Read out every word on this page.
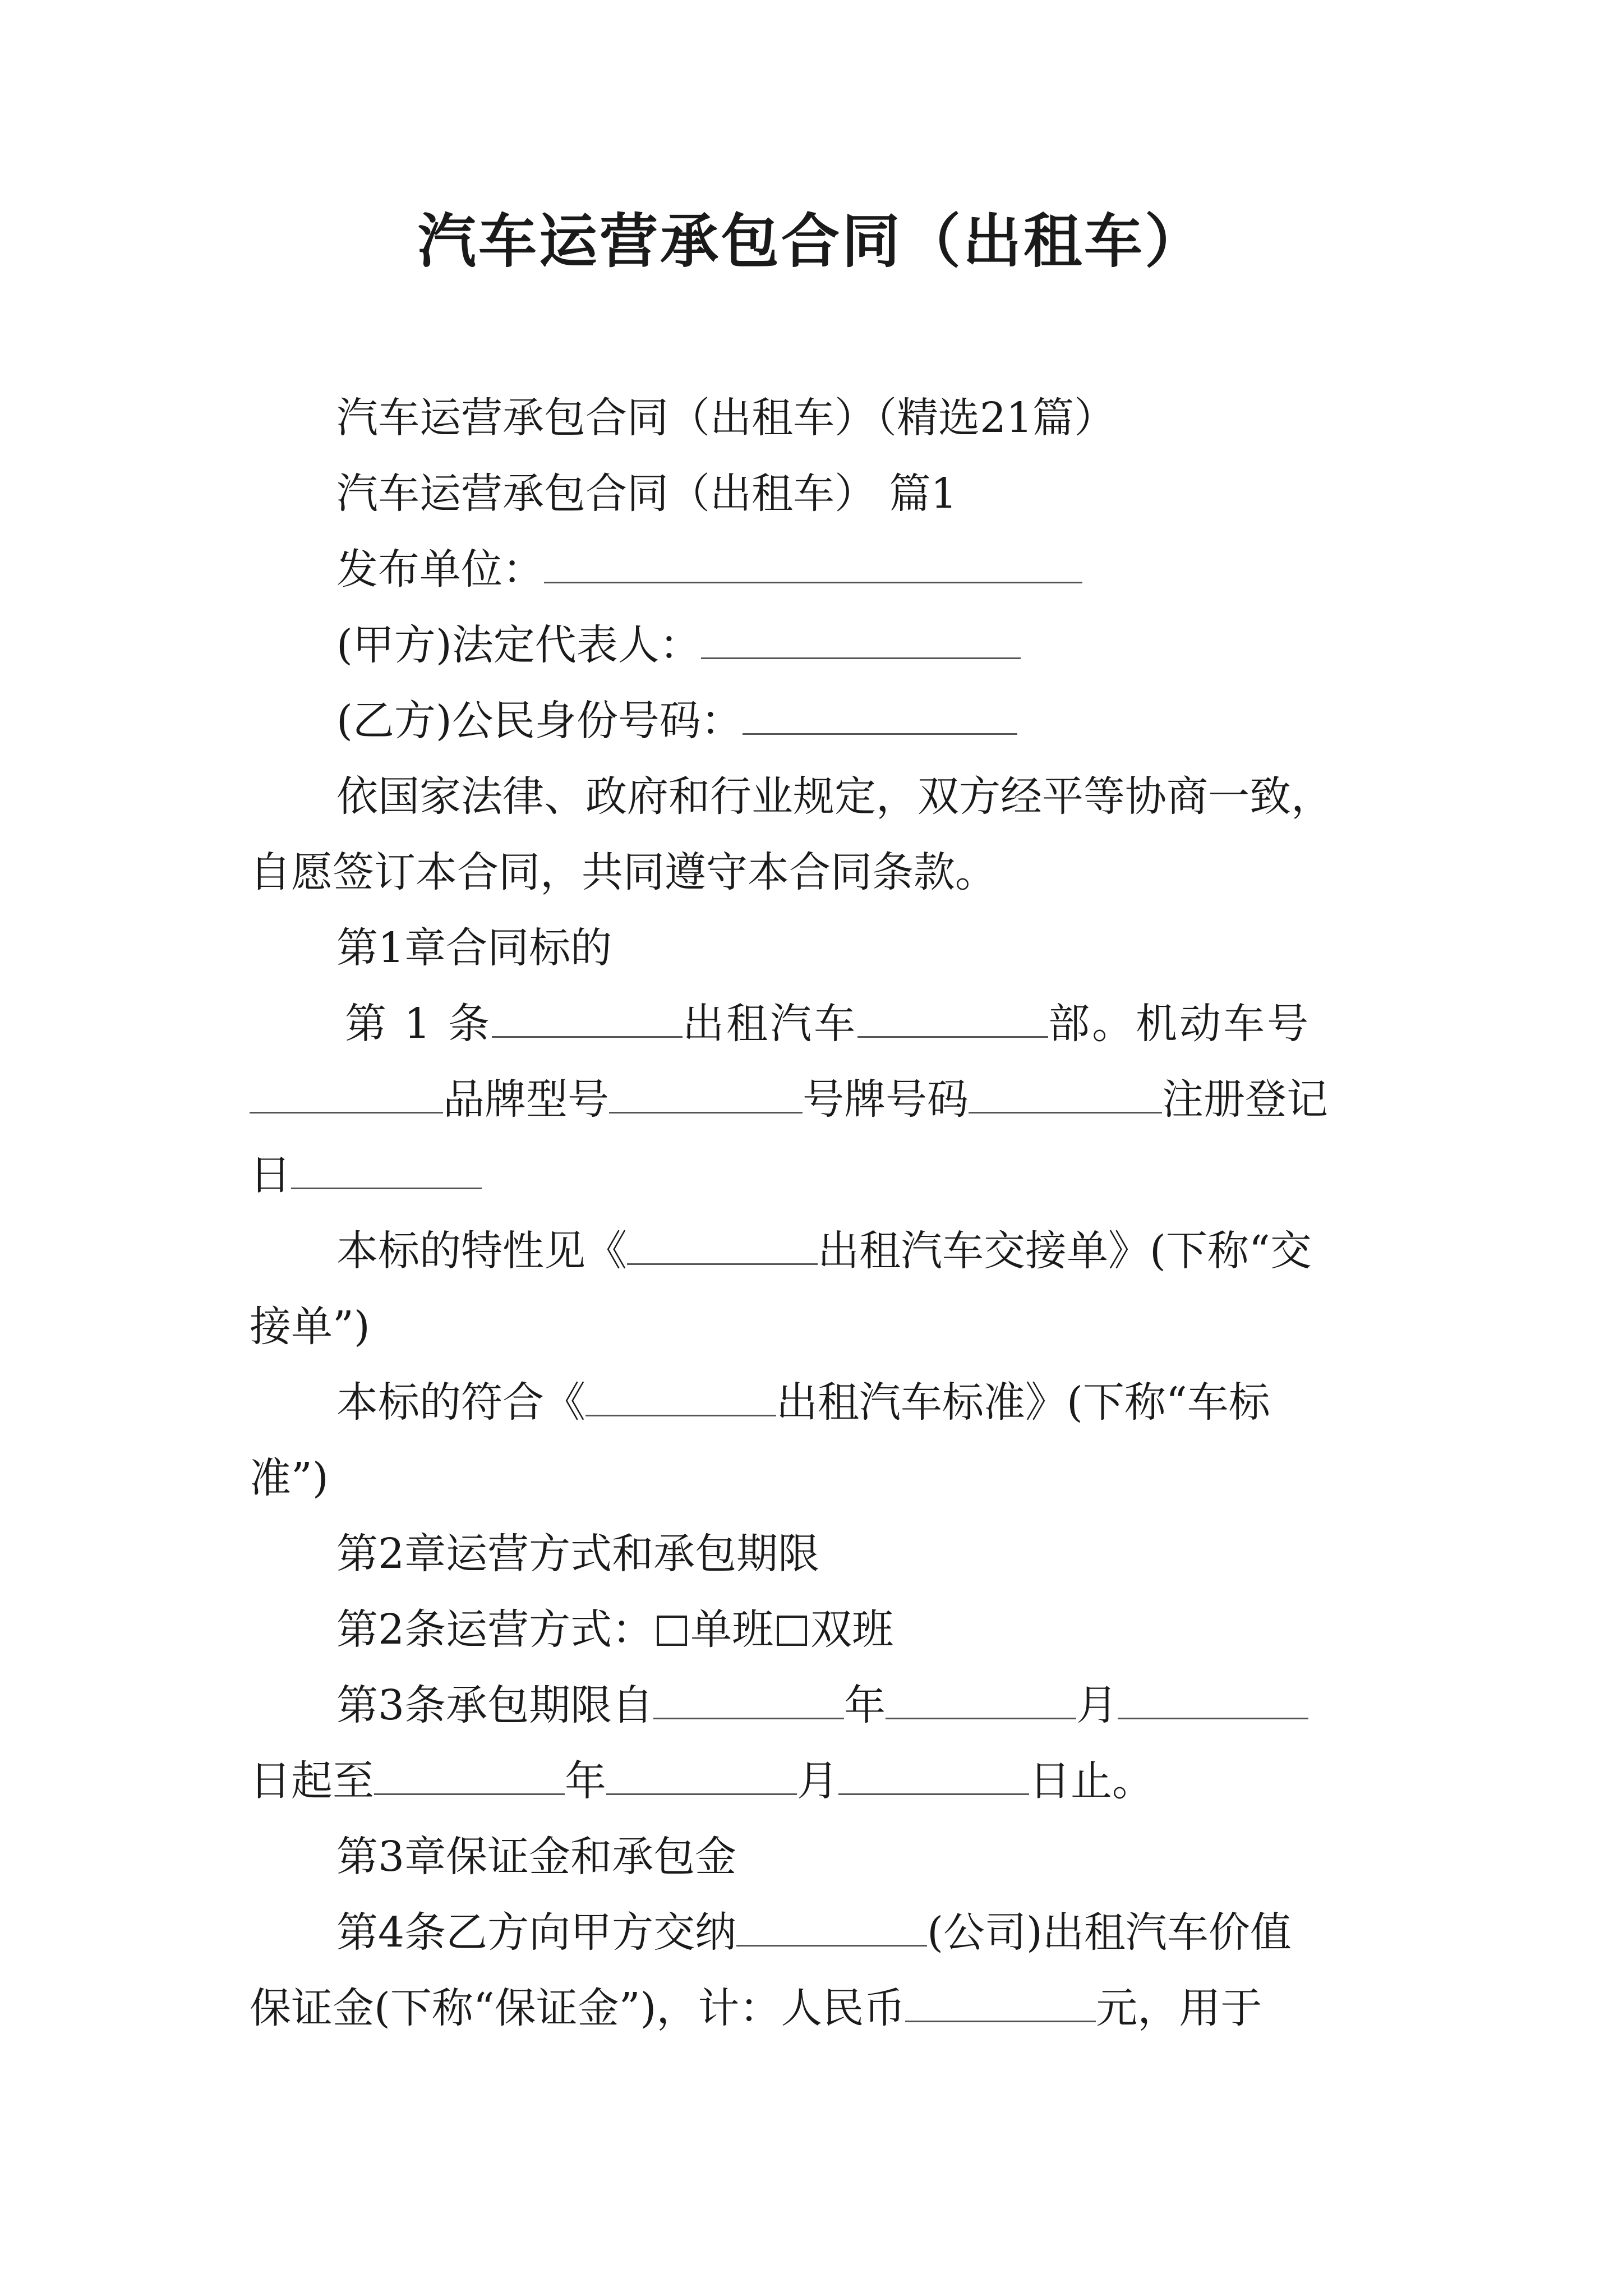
汽车运营承包合同（出租车）
汽车运营承包合同（出租车）（精选21篇）
汽车运营承包合同（出租车） 篇1
发布单位：
(甲方)法定代表人：
(乙方)公民身份号码：
依国家法律、政府和行业规定，双方经平等协商一致，
自愿签订本合同，共同遵守本合同条款。
第1章合同标的
第 1 条	出租汽车	部。机动车号
品牌型号	号牌号码	注册登记
日
本标的特性见《	出租汽车交接单》(下称“交
接单”)
本标的符合《	出租汽车标准》(下称“车标
准”)
第2章运营方式和承包期限
第2条运营方式： 单班 双班
第3条承包期限自	年	月
日起至	年	月	日止。
第3章保证金和承包金
第4条乙方向甲方交纳	(公司)出租汽车价值
保证金(下称“保证金”)，计：人民币	元，用于
